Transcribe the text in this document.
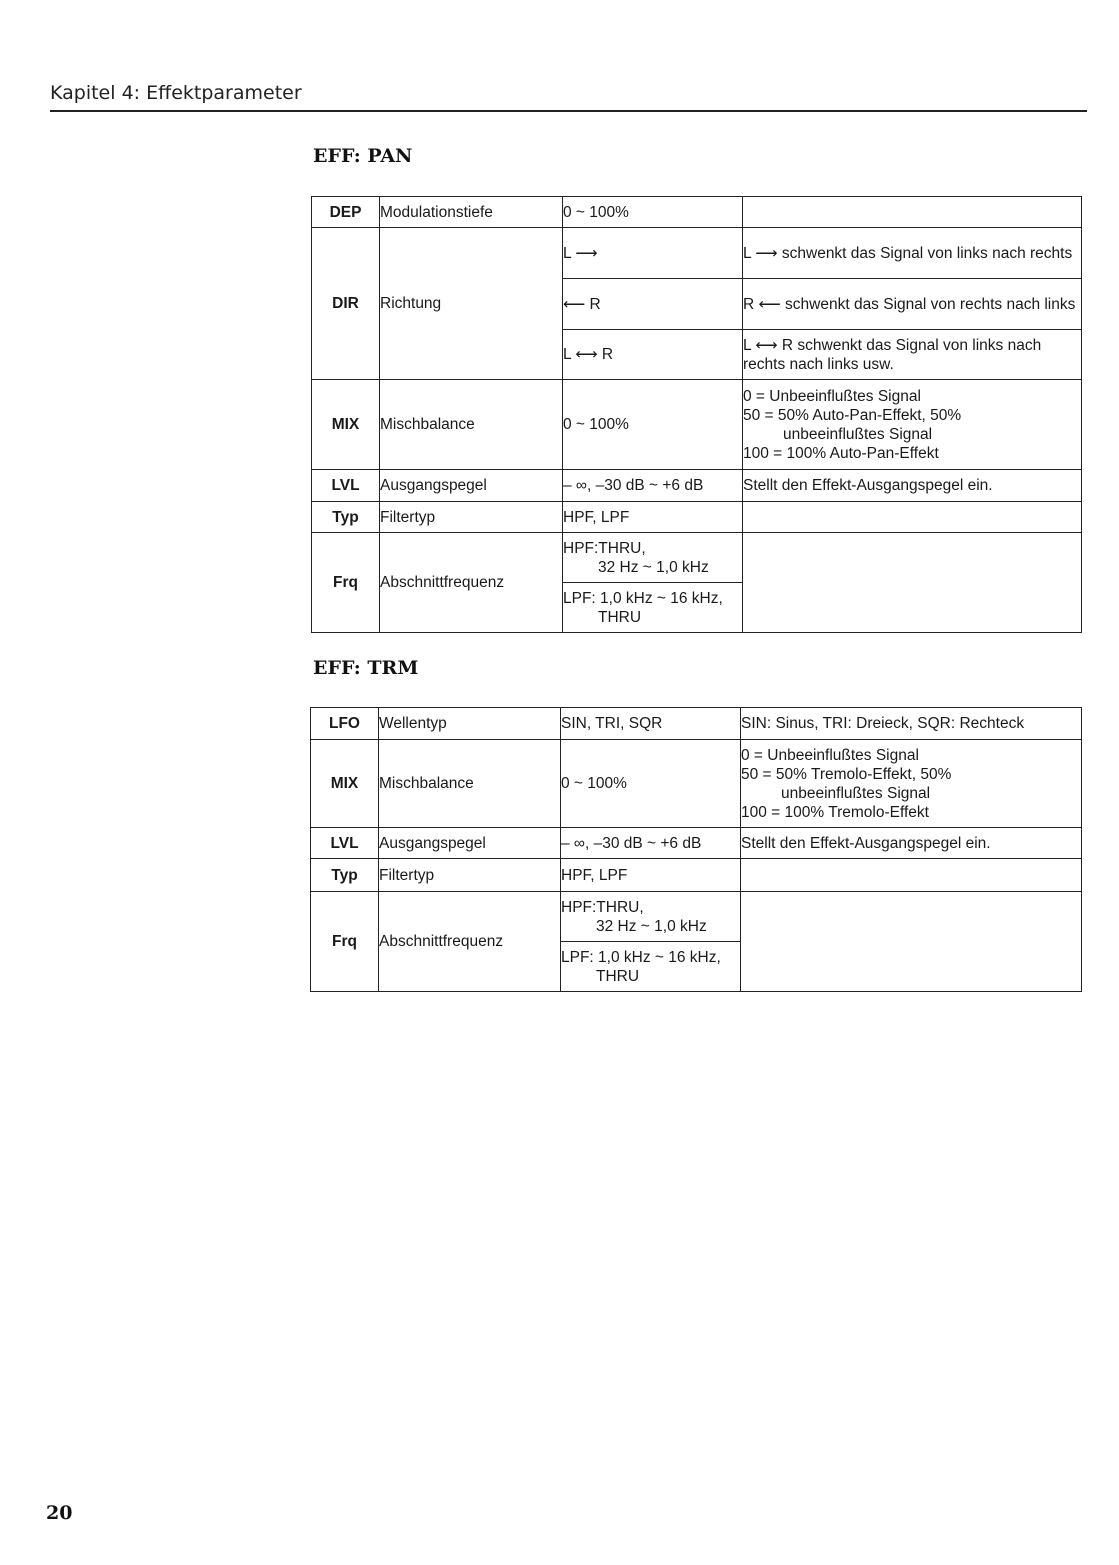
Kapitel 4: Effektparameter
EFF: PAN
DEP	Modulationstiefe	0 ~ 100%	
DIR	Richtung	L ⟶	L ⟶ schwenkt das Signal von links nach rechts
		⟵ R	R ⟵ schwenkt das Signal von rechts nach links
		L ⟷ R	L ⟷ R schwenkt das Signal von links nach rechts nach links usw.
MIX	Mischbalance	0 ~ 100%	0 = Unbeeinflußtes Signal
50 = 50% Auto-Pan-Effekt, 50%
unbeeinflußtes Signal
100 = 100% Auto-Pan-Effekt

LVL	Ausgangspegel	– ∞, –30 dB ~ +6 dB	Stellt den Effekt-Ausgangspegel ein.
Typ	Filtertyp	HPF, LPF	
Frq	Abschnittfrequenz	HPF:THRU,
32 Hz ~ 1,0 kHz	

		LPF: 1,0 kHz ~ 16 kHz,
THRU	
EFF: TRM
LFO	Wellentyp	SIN, TRI, SQR	SIN: Sinus, TRI: Dreieck, SQR: Rechteck
MIX	Mischbalance	0 ~ 100%	0 = Unbeeinflußtes Signal
50 = 50% Tremolo-Effekt, 50%
unbeeinflußtes Signal
100 = 100% Tremolo-Effekt

LVL	Ausgangspegel	– ∞, –30 dB ~ +6 dB	Stellt den Effekt-Ausgangspegel ein.
Typ	Filtertyp	HPF, LPF	
Frq	Abschnittfrequenz	HPF:THRU,
32 Hz ~ 1,0 kHz	

		LPF: 1,0 kHz ~ 16 kHz,
THRU	
20
